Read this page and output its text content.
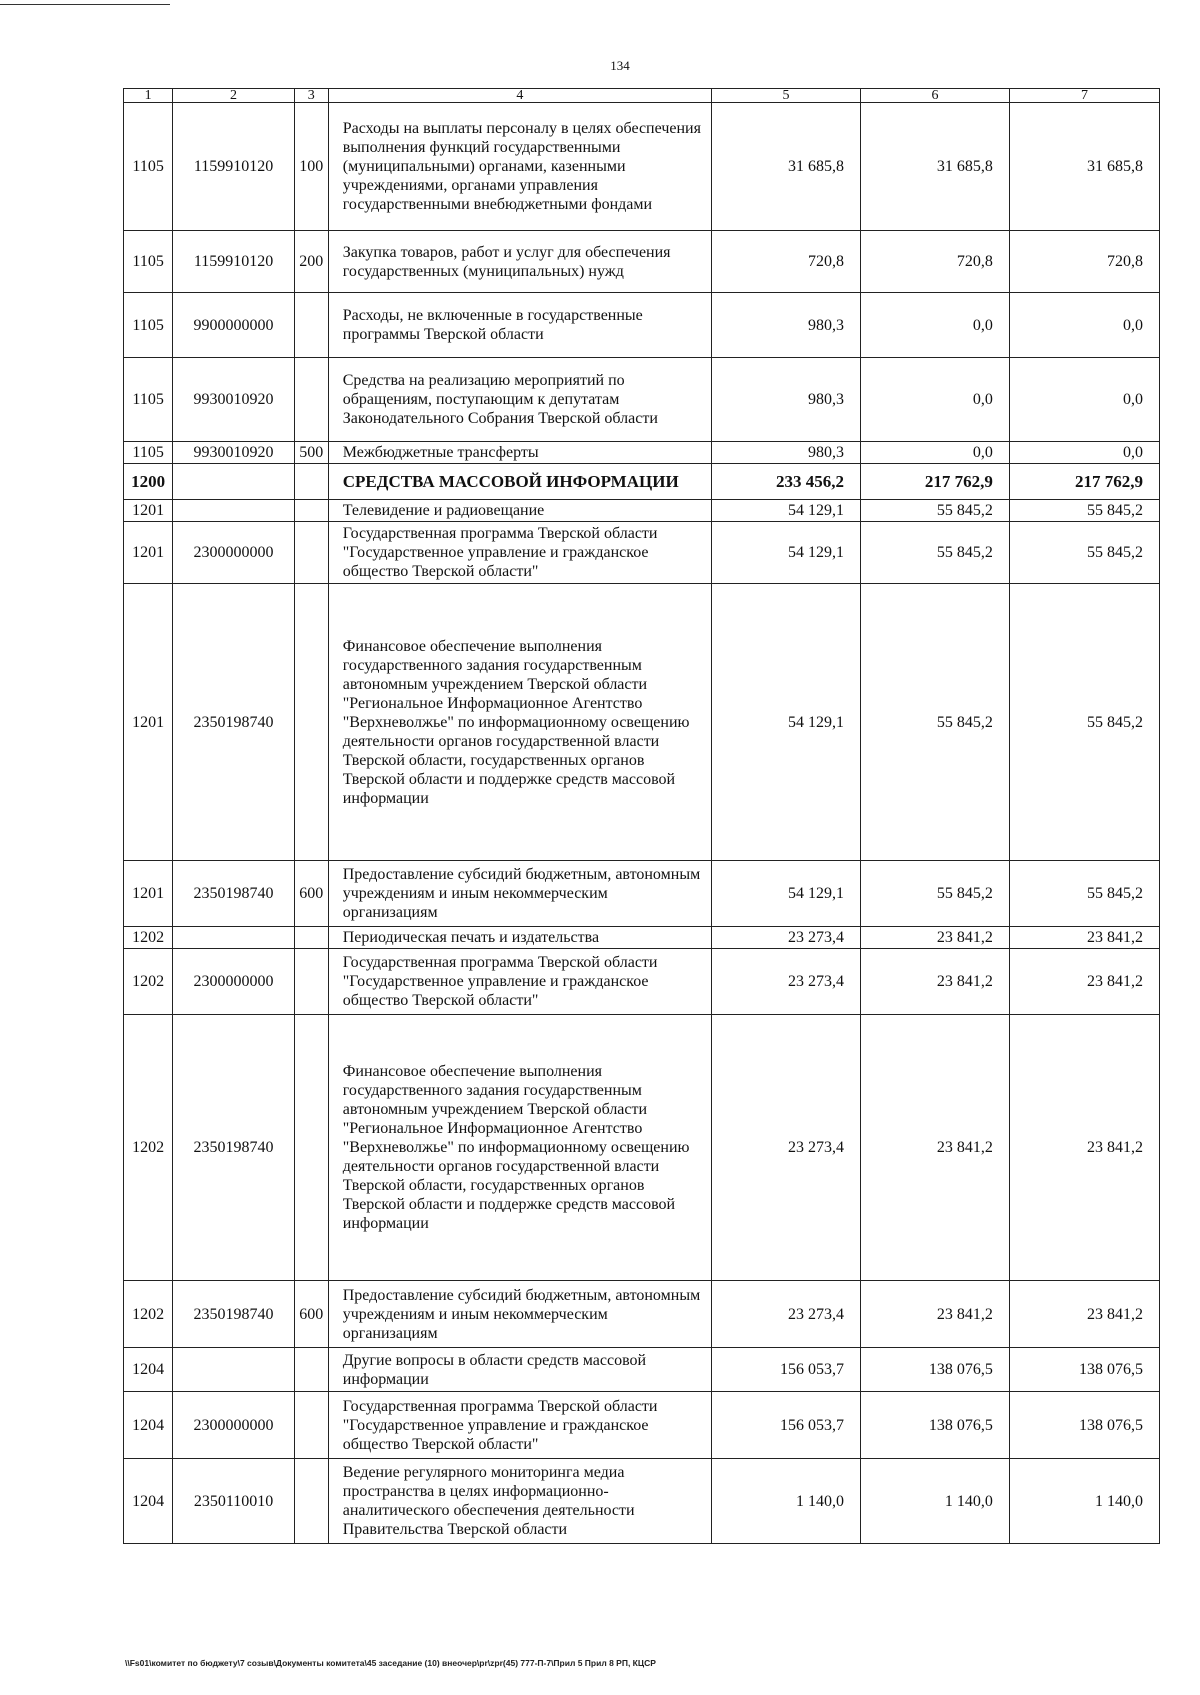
134
1	2	3	4	5	6	7
1105	1159910120	100	Расходы на выплаты персоналу в целях обеспечения выполнения функций государственными (муниципальными) органами, казенными учреждениями, органами управления государственными внебюджетными фондами	31 685,8	31 685,8	31 685,8
1105	1159910120	200	Закупка товаров, работ и услуг для обеспечения государственных (муниципальных) нужд	720,8	720,8	720,8
1105	9900000000		Расходы, не включенные в государственные программы Тверской области	980,3	0,0	0,0
1105	9930010920		Средства на реализацию мероприятий по обращениям, поступающим к депутатам Законодательного Собрания Тверской области	980,3	0,0	0,0
1105	9930010920	500	Межбюджетные трансферты	980,3	0,0	0,0
1200			СРЕДСТВА МАССОВОЙ ИНФОРМАЦИИ	233 456,2	217 762,9	217 762,9
1201			Телевидение и радиовещание	54 129,1	55 845,2	55 845,2
1201	2300000000		Государственная программа Тверской области "Государственное управление и гражданское общество Тверской области"	54 129,1	55 845,2	55 845,2
1201	2350198740		Финансовое обеспечение выполнения государственного задания государственным автономным учреждением Тверской области "Региональное Информационное Агентство "Верхневолжье" по информационному освещению деятельности органов государственной власти Тверской области, государственных органов Тверской области и поддержке средств массовой информации	54 129,1	55 845,2	55 845,2
1201	2350198740	600	Предоставление субсидий бюджетным, автономным учреждениям и иным некоммерческим организациям	54 129,1	55 845,2	55 845,2
1202			Периодическая печать и издательства	23 273,4	23 841,2	23 841,2
1202	2300000000		Государственная программа Тверской области "Государственное управление и гражданское общество Тверской области"	23 273,4	23 841,2	23 841,2
1202	2350198740		Финансовое обеспечение выполнения государственного задания государственным автономным учреждением Тверской области "Региональное Информационное Агентство "Верхневолжье" по информационному освещению деятельности органов государственной власти Тверской области, государственных органов Тверской области и поддержке средств массовой информации	23 273,4	23 841,2	23 841,2
1202	2350198740	600	Предоставление субсидий бюджетным, автономным учреждениям и иным некоммерческим организациям	23 273,4	23 841,2	23 841,2
1204			Другие вопросы в области средств массовой информации	156 053,7	138 076,5	138 076,5
1204	2300000000		Государственная программа Тверской области "Государственное управление и гражданское общество Тверской области"	156 053,7	138 076,5	138 076,5
1204	2350110010		Ведение регулярного мониторинга медиа пространства в целях информационно-аналитического обеспечения деятельности Правительства Тверской области	1 140,0	1 140,0	1 140,0
\\Fs01\комитет по бюджету\7 созыв\Документы комитета\45 заседание (10) внеочер\pr\zpr(45) 777-П-7\Прил 5 Прил 8 РП, КЦСР
